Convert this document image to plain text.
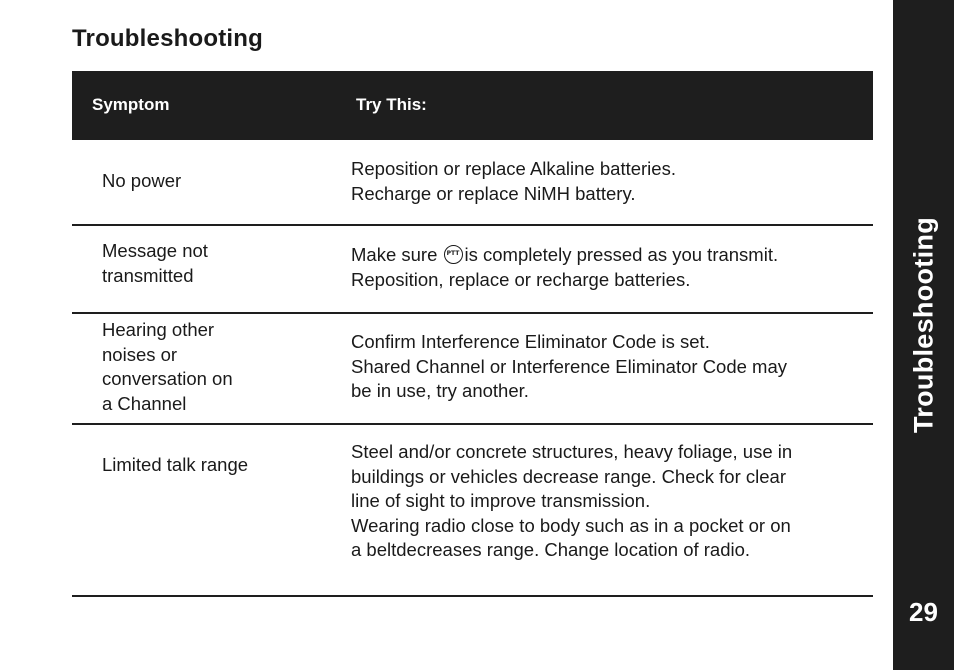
Troubleshooting
Symptom	Try This:
No power
Reposition or replace Alkaline batteries.
Recharge or replace NiMH battery.
Message not
transmitted
Make sure PTT is completely pressed as you transmit.
Reposition, replace or recharge batteries.
Hearing other
noises or
conversation on
a Channel
Confirm Interference Eliminator Code is set.
Shared Channel or Interference Eliminator Code may
be in use, try another.
Limited talk range
Steel and/or concrete structures, heavy foliage, use in
buildings or vehicles decrease range. Check for clear
line of sight to improve transmission.
Wearing radio close to body such as in a pocket or on
a beltdecreases range. Change location of radio.
Troubleshooting
29
